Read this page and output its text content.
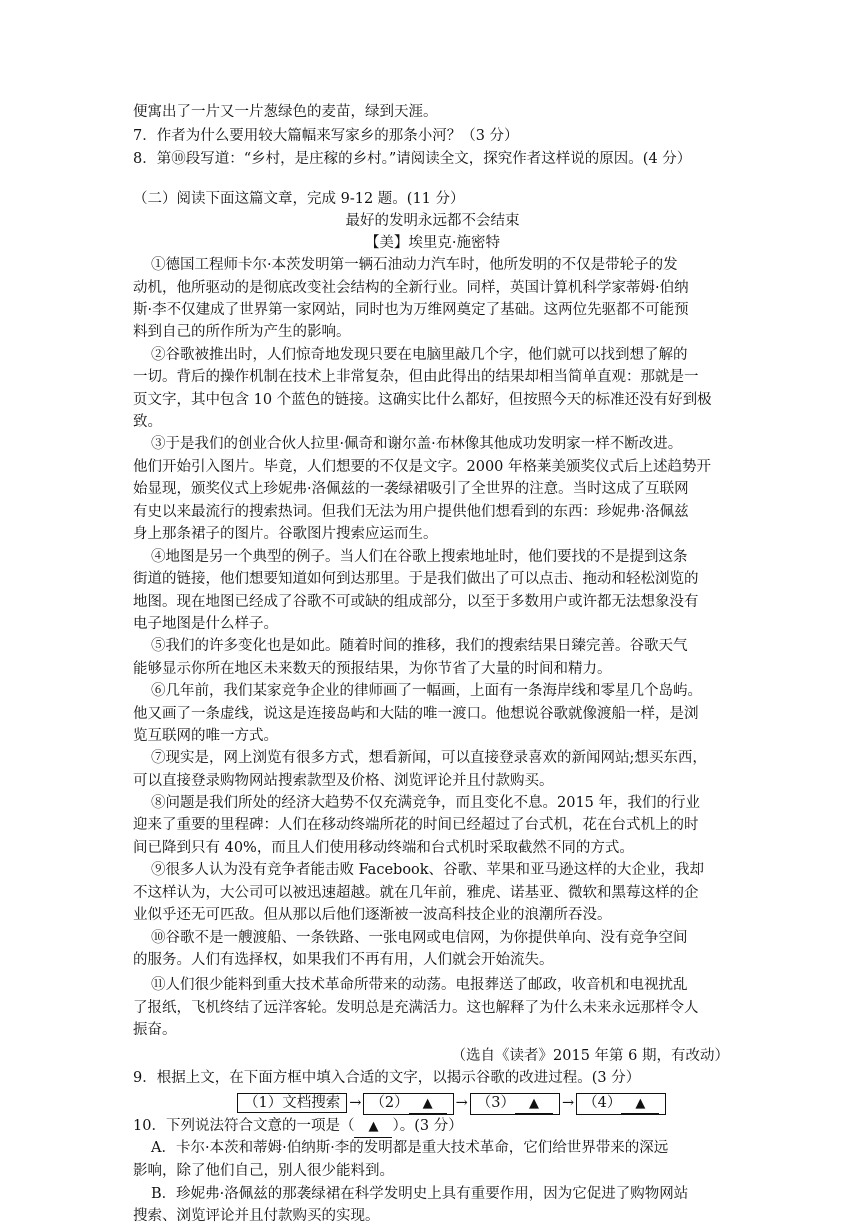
便寓出了一片又一片葱绿色的麦苗，绿到天涯。
7．作者为什么要用较大篇幅来写家乡的那条小河？（3 分）
8．第⑩段写道：“乡村，是庄稼的乡村。”请阅读全文，探究作者这样说的原因。(4 分）
（二）阅读下面这篇文章，完成 9-12 题。(11 分）
最好的发明永远都不会结束
【美】埃里克·施密特
①德国工程师卡尔·本茨发明第一辆石油动力汽车时，他所发明的不仅是带轮子的发
动机，他所驱动的是彻底改变社会结构的全新行业。同样，英国计算机科学家蒂姆·伯纳
斯·李不仅建成了世界第一家网站，同时也为万维网奠定了基础。这两位先驱都不可能预
料到自己的所作所为产生的影响。
②谷歌被推出时，人们惊奇地发现只要在电脑里敲几个字，他们就可以找到想了解的
一切。背后的操作机制在技术上非常复杂，但由此得出的结果却相当简单直观：那就是一
页文字，其中包含 10 个蓝色的链接。这确实比什么都好，但按照今天的标准还没有好到极
致。
③于是我们的创业合伙人拉里·佩奇和谢尔盖·布林像其他成功发明家一样不断改进。
他们开始引入图片。毕竟，人们想要的不仅是文字。2000 年格莱美颁奖仪式后上述趋势开
始显现，颁奖仪式上珍妮弗·洛佩兹的一袭绿裙吸引了全世界的注意。当时这成了互联网
有史以来最流行的搜索热词。但我们无法为用户提供他们想看到的东西：珍妮弗·洛佩兹
身上那条裙子的图片。谷歌图片搜索应运而生。
④地图是另一个典型的例子。当人们在谷歌上搜索地址时，他们要找的不是提到这条
街道的链接，他们想要知道如何到达那里。于是我们做出了可以点击、拖动和轻松浏览的
地图。现在地图已经成了谷歌不可或缺的组成部分，以至于多数用户或许都无法想象没有
电子地图是什么样子。
⑤我们的许多变化也是如此。随着时间的推移，我们的搜索结果日臻完善。谷歌天气
能够显示你所在地区未来数天的预报结果，为你节省了大量的时间和精力。
⑥几年前，我们某家竞争企业的律师画了一幅画，上面有一条海岸线和零星几个岛屿。
他又画了一条虚线，说这是连接岛屿和大陆的唯一渡口。他想说谷歌就像渡船一样，是浏
览互联网的唯一方式。
⑦现实是，网上浏览有很多方式，想看新闻，可以直接登录喜欢的新闻网站;想买东西，
可以直接登录购物网站搜索款型及价格、浏览评论并且付款购买。
⑧问题是我们所处的经济大趋势不仅充满竞争，而且变化不息。2015 年，我们的行业
迎来了重要的里程碑：人们在移动终端所花的时间已经超过了台式机，花在台式机上的时
间已降到只有 40%，而且人们使用移动终端和台式机时采取截然不同的方式。
⑨很多人认为没有竞争者能击败 Facebook、谷歌、苹果和亚马逊这样的大企业，我却
不这样认为，大公司可以被迅速超越。就在几年前，雅虎、诺基亚、微软和黑莓这样的企
业似乎还无可匹敌。但从那以后他们逐渐被一波高科技企业的浪潮所吞没。
⑩谷歌不是一艘渡船、一条铁路、一张电网或电信网，为你提供单向、没有竞争空间
的服务。人们有选择权，如果我们不再有用，人们就会开始流失。
⑪人们很少能料到重大技术革命所带来的动荡。电报葬送了邮政，收音机和电视扰乱
了报纸，飞机终结了远洋客轮。发明总是充满活力。这也解释了为什么未来永远那样令人
振奋。
（选自《读者》2015 年第 6 期，有改动）
9．根据上文，在下面方框中填入合适的文字，以揭示谷歌的改进过程。(3 分）
（1）文档搜索 → （2） ▲ → （3） ▲ → （4） ▲
10．下列说法符合文意的一项是（ ▲ ）。(3 分）
A．卡尔·本茨和蒂姆·伯纳斯·李的发明都是重大技术革命，它们给世界带来的深远
影响，除了他们自己，别人很少能料到。
B．珍妮弗·洛佩兹的那袭绿裙在科学发明史上具有重要作用，因为它促进了购物网站
搜索、浏览评论并且付款购买的实现。
